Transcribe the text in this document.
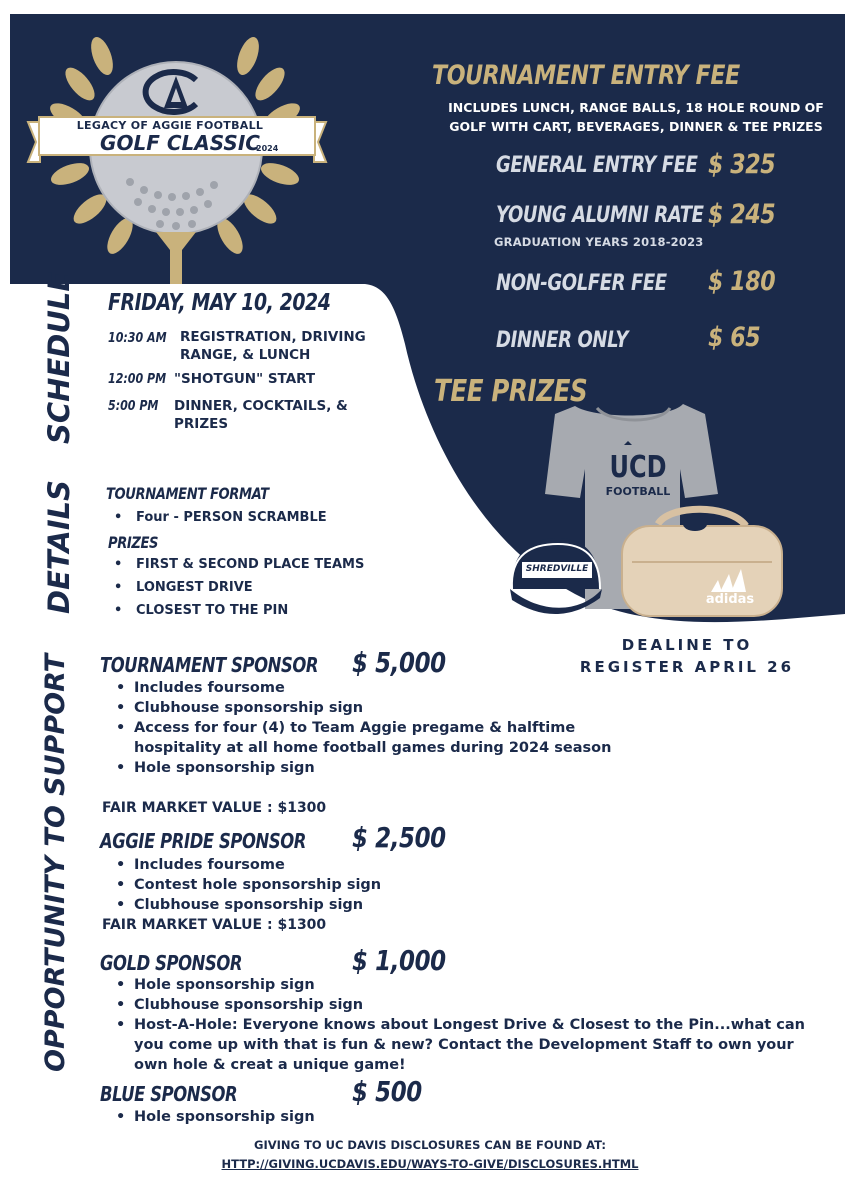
LEGACY OF AGGIE FOOTBALL
GOLF CLASSIC
2024
TOURNAMENT ENTRY FEE
INCLUDES LUNCH, RANGE BALLS, 18 HOLE ROUND OF GOLF WITH CART, BEVERAGES, DINNER & TEE PRIZES
GENERAL ENTRY FEE $ 325
YOUNG ALUMNI RATE $ 245
GRADUATION YEARS 2018-2023
NON-GOLFER FEE $ 180
DINNER ONLY	$ 65
TEE PRIZES
UCD
FOOTBALL
SHREDVILLE
adidas
SCHEDULE
DETAILS
OPPORTUNITY TO SUPPORT
FRIDAY, MAY 10, 2024
10:30 AM REGISTRATION, DRIVING RANGE, & LUNCH
12:00 PM "SHOTGUN" START
5:00 PM DINNER, COCKTAILS, & PRIZES
TOURNAMENT FORMAT
• Four - PERSON SCRAMBLE
PRIZES
• FIRST & SECOND PLACE TEAMS
• LONGEST DRIVE
• CLOSEST TO THE PIN
DEALINE TO
REGISTER APRIL 26
TOURNAMENT SPONSOR $ 5,000
• Includes foursome
• Clubhouse sponsorship sign
• Access for four (4) to Team Aggie pregame & halftime hospitality at all home football games during 2024 season
• Hole sponsorship sign
FAIR MARKET VALUE : $1300
AGGIE PRIDE SPONSOR $ 2,500
• Includes foursome
• Contest hole sponsorship sign
• Clubhouse sponsorship sign
FAIR MARKET VALUE : $1300
GOLD SPONSOR	$ 1,000
• Hole sponsorship sign
• Clubhouse sponsorship sign
• Host-A-Hole: Everyone knows about Longest Drive & Closest to the Pin...what can you come up with that is fun & new? Contact the Development Staff to own your own hole & creat a unique game!
BLUE SPONSOR	$ 500
• Hole sponsorship sign
GIVING TO UC DAVIS DISCLOSURES CAN BE FOUND AT:
HTTP://GIVING.UCDAVIS.EDU/WAYS-TO-GIVE/DISCLOSURES.HTML
